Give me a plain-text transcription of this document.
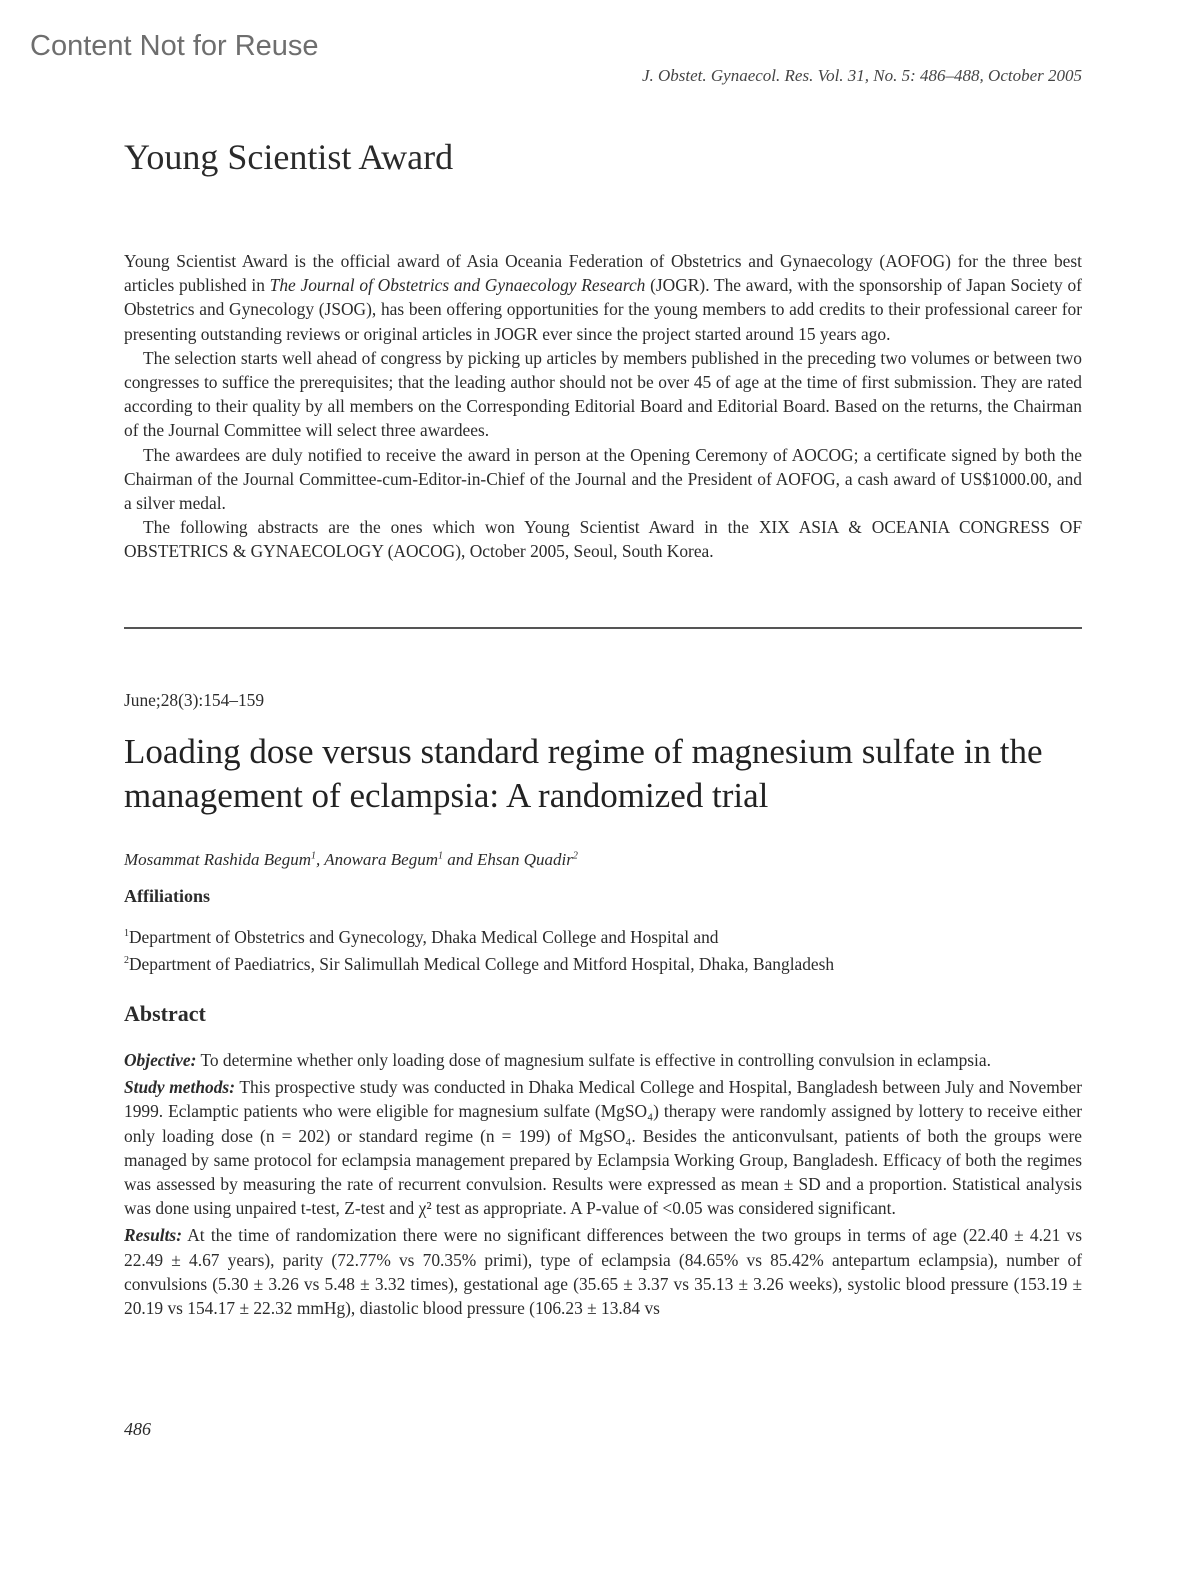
Content Not for Reuse
J. Obstet. Gynaecol. Res. Vol. 31, No. 5: 486–488, October 2005
Young Scientist Award

Young Scientist Award is the official award of Asia Oceania Federation of Obstetrics and Gynaecology (AOFOG) for the three best articles published in The Journal of Obstetrics and Gynaecology Research (JOGR). The award, with the sponsorship of Japan Society of Obstetrics and Gynecology (JSOG), has been offering opportunities for the young members to add credits to their professional career for presenting outstanding reviews or original articles in JOGR ever since the project started around 15 years ago.

The selection starts well ahead of congress by picking up articles by members published in the preceding two volumes or between two congresses to suffice the prerequisites; that the leading author should not be over 45 of age at the time of first submission. They are rated according to their quality by all members on the Corresponding Editorial Board and Editorial Board. Based on the returns, the Chairman of the Journal Committee will select three awardees.

The awardees are duly notified to receive the award in person at the Opening Ceremony of AOCOG; a certificate signed by both the Chairman of the Journal Committee-cum-Editor-in-Chief of the Journal and the President of AOFOG, a cash award of US$1000.00, and a silver medal.

The following abstracts are the ones which won Young Scientist Award in the XIX ASIA & OCEANIA CONGRESS OF OBSTETRICS & GYNAECOLOGY (AOCOG), October 2005, Seoul, South Korea.

June;28(3):154–159
Loading dose versus standard regime of magnesium sulfate in the management of eclampsia: A randomized trial
Mosammat Rashida Begum$^1$, Anowara Begum$^1$ and Ehsan Quadir$^2$
Affiliations
$^1$Department of Obstetrics and Gynecology, Dhaka Medical College and Hospital and
$^2$Department of Paediatrics, Sir Salimullah Medical College and Mitford Hospital, Dhaka, Bangladesh
Abstract

Objective: To determine whether only loading dose of magnesium sulfate is effective in controlling convulsion in eclampsia.

Study methods: This prospective study was conducted in Dhaka Medical College and Hospital, Bangladesh between July and November 1999. Eclamptic patients who were eligible for magnesium sulfate (MgSO₄) therapy were randomly assigned by lottery to receive either only loading dose (n = 202) or standard regime (n = 199) of MgSO₄. Besides the anticonvulsant, patients of both the groups were managed by same protocol for eclampsia management prepared by Eclampsia Working Group, Bangladesh. Efficacy of both the regimes was assessed by measuring the rate of recurrent convulsion. Results were expressed as mean ± SD and a proportion. Statistical analysis was done using unpaired t-test, Z-test and χ² test as appropriate. A P-value of <0.05 was considered significant.

Results: At the time of randomization there were no significant differences between the two groups in terms of age (22.40 ± 4.21 vs 22.49 ± 4.67 years), parity (72.77% vs 70.35% primi), type of eclampsia (84.65% vs 85.42% antepartum eclampsia), number of convulsions (5.30 ± 3.26 vs 5.48 ± 3.32 times), gestational age (35.65 ± 3.37 vs 35.13 ± 3.26 weeks), systolic blood pressure (153.19 ± 20.19 vs 154.17 ± 22.32 mmHg), diastolic blood pressure (106.23 ± 13.84 vs

486
